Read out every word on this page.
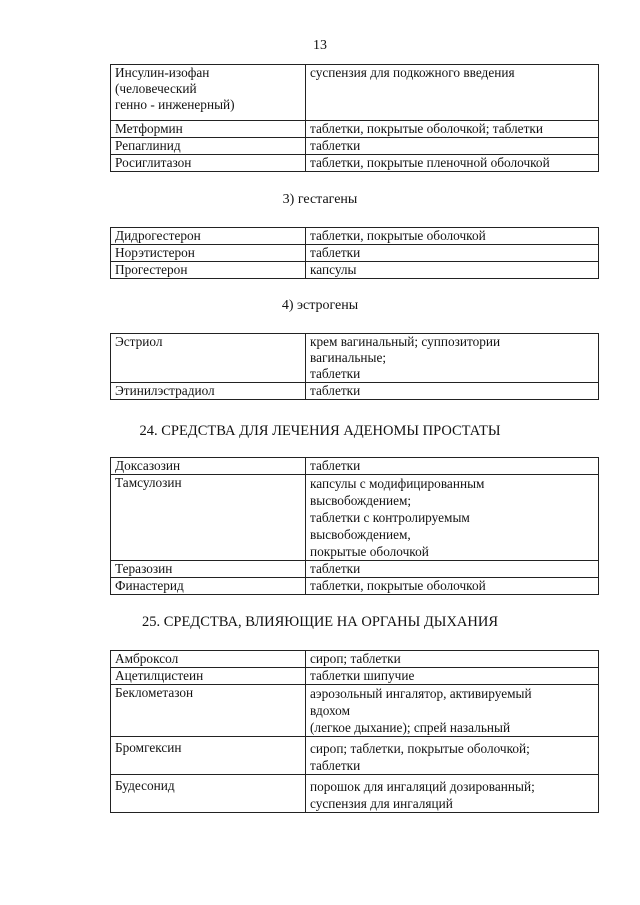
13
Инсулин-изофан
(человеческий
генно - инженерный)	суспензия для подкожного введения
Метформин	таблетки, покрытые оболочкой; таблетки
Репаглинид	таблетки
Росиглитазон	таблетки, покрытые пленочной оболочкой
3) гестагены
Дидрогестерон	таблетки, покрытые оболочкой
Норэтистерон	таблетки
Прогестерон	капсулы
4) эстрогены
Эстриол	крем вагинальный; суппозитории
вагинальные;
таблетки
Этинилэстрадиол	таблетки
24. СРЕДСТВА ДЛЯ ЛЕЧЕНИЯ АДЕНОМЫ ПРОСТАТЫ
Доксазозин	таблетки
Тамсулозин	капсулы с модифицированным
высвобождением;
таблетки с контролируемым
высвобождением,
покрытые оболочкой
Теразозин	таблетки
Финастерид	таблетки, покрытые оболочкой
25. СРЕДСТВА, ВЛИЯЮЩИЕ НА ОРГАНЫ ДЫХАНИЯ
Амброксол	сироп; таблетки
Ацетилцистеин	таблетки шипучие
Беклометазон	аэрозольный ингалятор, активируемый
вдохом
(легкое дыхание); спрей назальный
Бромгексин	сироп; таблетки, покрытые оболочкой;
таблетки
Будесонид	порошок для ингаляций дозированный;
суспензия для ингаляций
